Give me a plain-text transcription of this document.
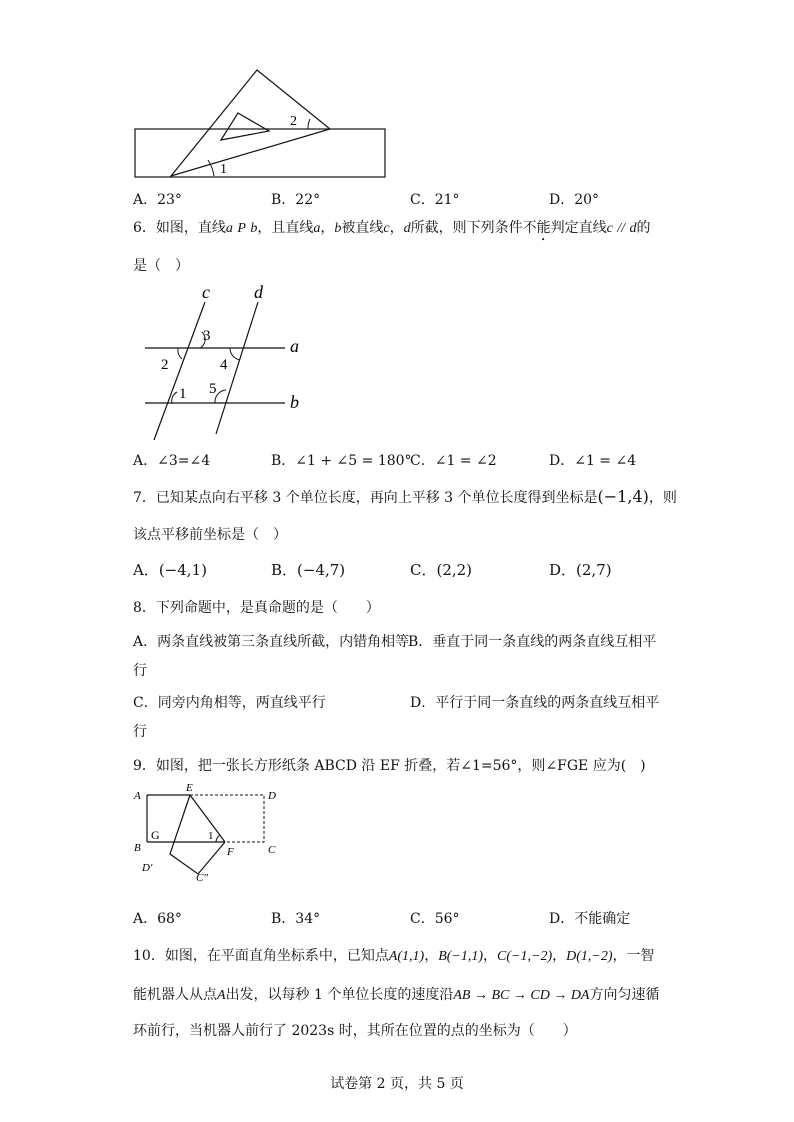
1
2
A．23°	B．22°	C．21°	D．20°
6．如图，直线a P b，且直线a，b被直线c，d所截，则下列条件不能判定直线c // d的
是（　）
c d
a
b
3
2	4
1 5
A．∠3=∠4	B．∠1 + ∠5 = 180°
C．∠1 = ∠2	D．∠1 = ∠4
7．已知某点向右平移 3 个单位长度，再向上平移 3 个单位长度得到坐标是(−1,4)，则
该点平移前坐标是（　）
A．(−4,1)	B．(−4,7)	C．(2,2)	D．(2,7)
8．下列命题中，是真命题的是（　　）
A．两条直线被第三条直线所截，内错角相等
B．垂直于同一条直线的两条直线互相平
行
C．同旁内角相等，两直线平行	D．平行于同一条直线的两条直线互相平
行
9．如图，把一张长方形纸条 ABCD 沿 EF 折叠，若∠1=56°，则∠FGE 应为(　)
A
E
D
G	1
B	F	C
D′
C″
A．68°	B．34°	C．56°	D．不能确定
10．如图，在平面直角坐标系中，已知点A(1,1)，B(−1,1)，C(−1,−2)，D(1,−2)，一智
能机器人从点A出发，以每秒 1 个单位长度的速度沿AB → BC → CD → DA方向匀速循
环前行，当机器人前行了 2023s 时，其所在位置的点的坐标为（　　）
试卷第 2 页，共 5 页
